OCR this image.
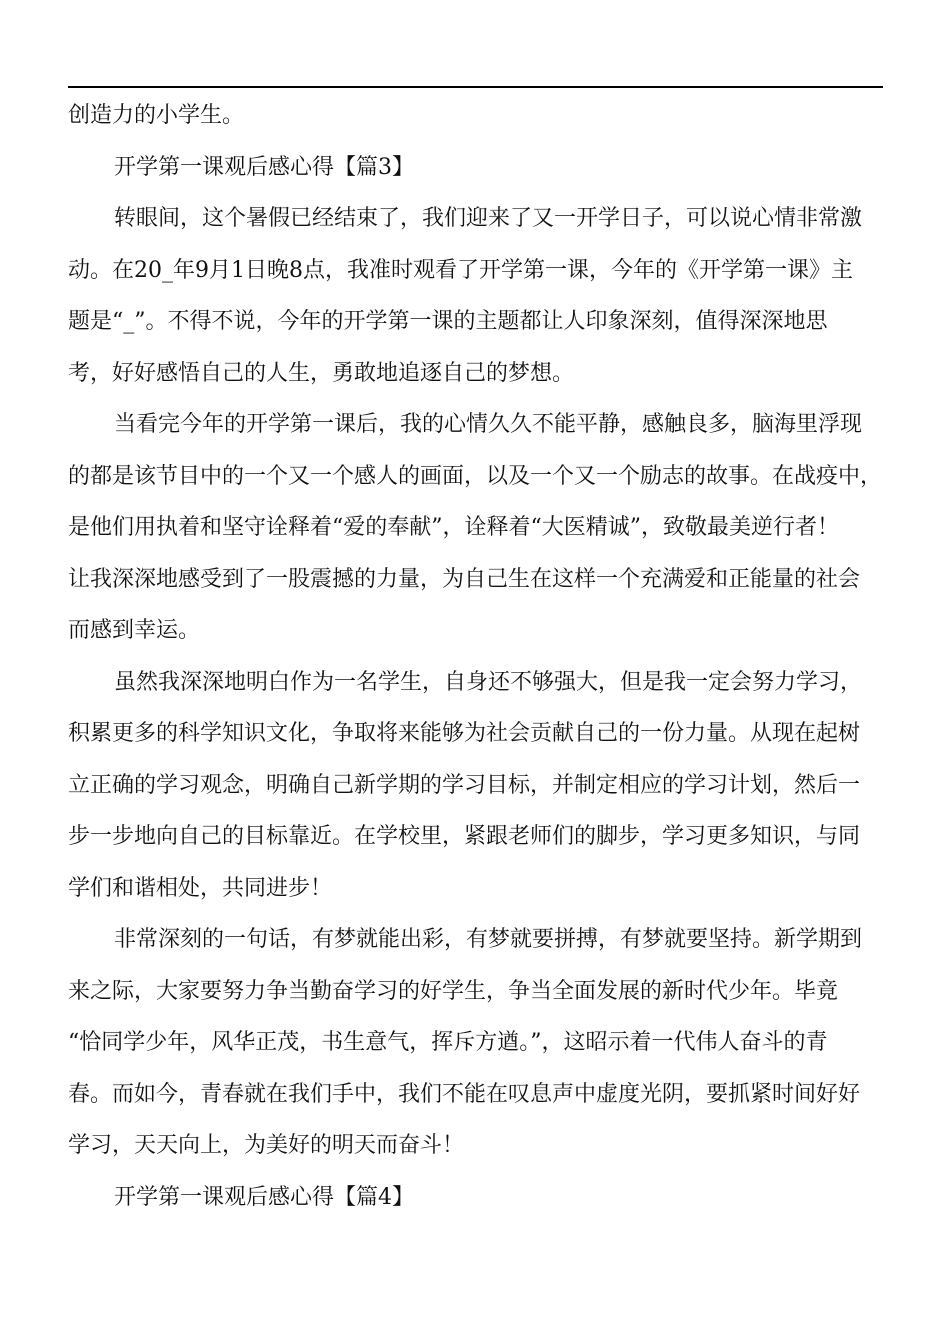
创造力的小学生。
开学第一课观后感心得【篇3】
转眼间，这个暑假已经结束了，我们迎来了又一开学日子，可以说心情非常激
动。在20_年9月1日晚8点，我准时观看了开学第一课，今年的《开学第一课》主
题是“_”。不得不说，今年的开学第一课的主题都让人印象深刻，值得深深地思
考，好好感悟自己的人生，勇敢地追逐自己的梦想。
当看完今年的开学第一课后，我的心情久久不能平静，感触良多，脑海里浮现
的都是该节目中的一个又一个感人的画面，以及一个又一个励志的故事。在战疫中，
是他们用执着和坚守诠释着“爱的奉献”，诠释着“大医精诚”，致敬最美逆行者！
让我深深地感受到了一股震撼的力量，为自己生在这样一个充满爱和正能量的社会
而感到幸运。
虽然我深深地明白作为一名学生，自身还不够强大，但是我一定会努力学习，
积累更多的科学知识文化，争取将来能够为社会贡献自己的一份力量。从现在起树
立正确的学习观念，明确自己新学期的学习目标，并制定相应的学习计划，然后一
步一步地向自己的目标靠近。在学校里，紧跟老师们的脚步，学习更多知识，与同
学们和谐相处，共同进步！
非常深刻的一句话，有梦就能出彩，有梦就要拼搏，有梦就要坚持。新学期到
来之际，大家要努力争当勤奋学习的好学生，争当全面发展的新时代少年。毕竟
“恰同学少年，风华正茂，书生意气，挥斥方遒。”，这昭示着一代伟人奋斗的青
春。而如今，青春就在我们手中，我们不能在叹息声中虚度光阴，要抓紧时间好好
学习，天天向上，为美好的明天而奋斗！
开学第一课观后感心得【篇4】
